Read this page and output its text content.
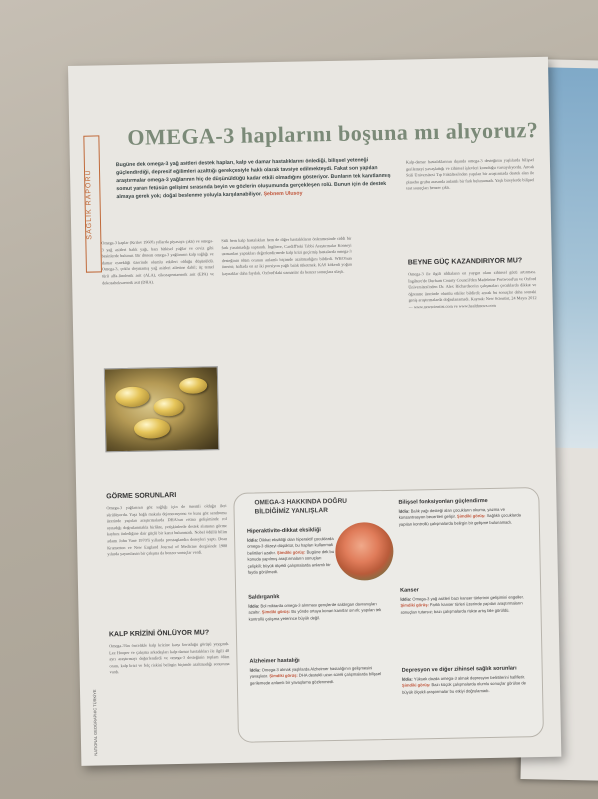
SAĞLIK RAPORU
OMEGA-3 haplarını boşuna mı alıyoruz?
Bugüne dek omega-3 yağ asitleri destek hapları, kalp ve damar hastalıklarını önlediği, bilişsel yeteneği güçlendirdiği, depresif eğilimleri azalttığı gerekçesiyle haklı olarak tavsiye edilmekteydi. Fakat son yapılan araştırmalar omega-3 yağlarının hiç de düşünüldüğü kadar etkili olmadığını gösteriyor. Bunların tek kanıtlanmış somut yararı fetüsün gelişimi sırasında beyin ve gözlerin oluşumunda gerçekleşen rolü. Bunun için de destek almaya gerek yok; doğal beslenme yoluyla karşılanabiliyor. Şebnem Ulusoy

Omega-3 kaplar (Krilov 1960'lı yıllarda piyasaya çıktı) ve omega-3 yağ asitleri balık yağı, bazı bitkisel yağlar ve ceviz gibi besinlerde bulunur. Bir dönem omega-3 yağlarının kalp sağlığı ve damar esnekliği üzerinde olumlu etkileri olduğu düşünüldü. Omega-3, çoklu doymamış yağ asitleri ailesine dahil; üç temel türü alfa-linolenik asit (ALA), eikozapentaenoik asit (EPA) ve dokozaheksaenoik asit (DHA).

Stili hem kalp hastalıkları hem de diğer hastalıkların önlenmesinde ciddi bir fark yaratmadığı saptandı. İngiltere, Cardiff'teki Tıbbi Araştırmalar Konseyi uzmanları yaptıkları değerlendirmede kalp krizi geçirmiş hastalarda omega-3 desteğinin ölüm oranını anlamlı biçimde azaltmadığını bildirdi. WHO'nun önerisi; haftada en az iki porsiyon yağlı balık tüketmek. KAS kökenli yoğun kaynaklar daha faydalı. Oxford'daki uzmanlar da benzer sonuçlara ulaştı.

Kalp-damar hastalıklarının dışında omega-3 desteğinin yaşlılarda bilişsel gerilemeyi yavaşlattığı ve zihinsel işlevleri koruduğu varsayılıyordu. Ancak Stili Üniversitesi Tıp Fakültesi'nden yapılan bir araştırmada destek alan ile plasebo grubu arasında anlamlı bir fark bulunamadı. Yaşlı bireylerde bilişsel test sonuçları benzer çıktı.

BEYNE GÜÇ KAZANDIRIYOR MU?

Omega-3 ile ilgili iddiaların en yaygın olanı zihinsel gücü artırması. İngiltere'de Durham County Council'den Madeleine Portwood'un ve Oxford Üniversitesi'nden Dr. Alex Richardson'ın çalışmaları çocuklarda dikkat ve öğrenme üzerinde olumlu etkiler bildirdi; ancak bu sonuçlar daha sonraki geniş araştırmalarda doğrulanamadı. Kaynak: New Scientist, 24 Mayıs 2012 — www.newscientist.com ve www.healthnews.com

GÖRME SORUNLARI

Omega-3 yağlarının göz sağlığı için de önemli olduğu ileri sürülüyordu. Yaşa bağlı makula dejenerasyonu ve kuru göz sendromu üzerinde yapılan araştırmalarda DHA'nın retina gelişiminde rol oynadığı doğrulanmakla birlikte, yetişkinlerde destek alımının görme kaybını önlediğine dair güçlü bir kanıt bulunmadı. Nobel ödüllü bilim adamı John Vane 1970'li yıllarda prostaglandin deneyleri yaptı. Dean Kramerton ve New England Journal of Medicine dergisinde 1988 yılında yayımlanan bir çalışma da benzer sonuçlar verdi.

KALP KRİZİNİ ÖNLÜYOR MU?

Omega-3'ün öncelikle kalp krizine karşı koruduğu görüşü yaygındı. Lee Hooper ve çalışma arkadaşları kalp-damar hastalıkları ile ilgili 48 ayrı araştırmayı değerlendirdi ve omega-3 desteğinin toplam ölüm oranı, kalp krizi ve felç riskini belirgin biçimde azaltmadığı sonucuna vardı.

NATIONAL GEOGRAPHIC TÜRKİYE
OMEGA-3 HAKKINDA DOĞRU BİLDİĞİMİZ YANLIŞLAR
Hiperaktivite-dikkat eksikliği
İddia: Dikkat eksikliği olan hiperaktif çocuklarda omega-3 düzeyi düşüktür, bu hapları kullanmak belirtileri azaltır. Şimdiki görüş: Bugüne dek bu konuda yapılmış araştırmaların sonuçları çelişkili; büyük ölçekli çalışmalarda anlamlı bir fayda görülmedi.
Saldırganlık
İddia: Bol miktarda omega-3 alınması gençlerde saldırgan davranışları azaltır. Şimdiki görüş: Bu yönde ortaya konan kanıtlar sınırlı; yapılan tek kontrollü çalışma yeterince büyük değil.
Alzheimer hastalığı
İddia: Omega-3 almak yaşlılarda Alzheimer hastalığının gelişmesini yavaşlatır. Şimdiki görüş: DHA destekli uzun süreli çalışmalarda bilişsel gerilemede anlamlı bir yavaşlama gözlenmedi.
Bilişsel fonksiyonları güçlendirme
İddia: Balık yağı desteği alan çocukların okuma, yazma ve konsantrasyon becerileri gelişir. Şimdiki görüş: Sağlıklı çocuklarda yapılan kontrollü çalışmalarda belirgin bir gelişme bulunamadı.
Kanser
İddia: Omega-3 yağ asitleri bazı kanser türlerinin gelişimini engeller. Şimdiki görüş: Farklı kanser türleri üzerinde yapılan araştırmaların sonuçları tutarsız; bazı çalışmalarda riskte artış bile görüldü.
Depresyon ve diğer zihinsel sağlık sorunları
İddia: Yüksek dozda omega-3 almak depresyon belirtilerini hafifletir. Şimdiki görüş: Bazı küçük çalışmalarda olumlu sonuçlar görülse de büyük ölçekli araştırmalar bu etkiyi doğrulamadı.
